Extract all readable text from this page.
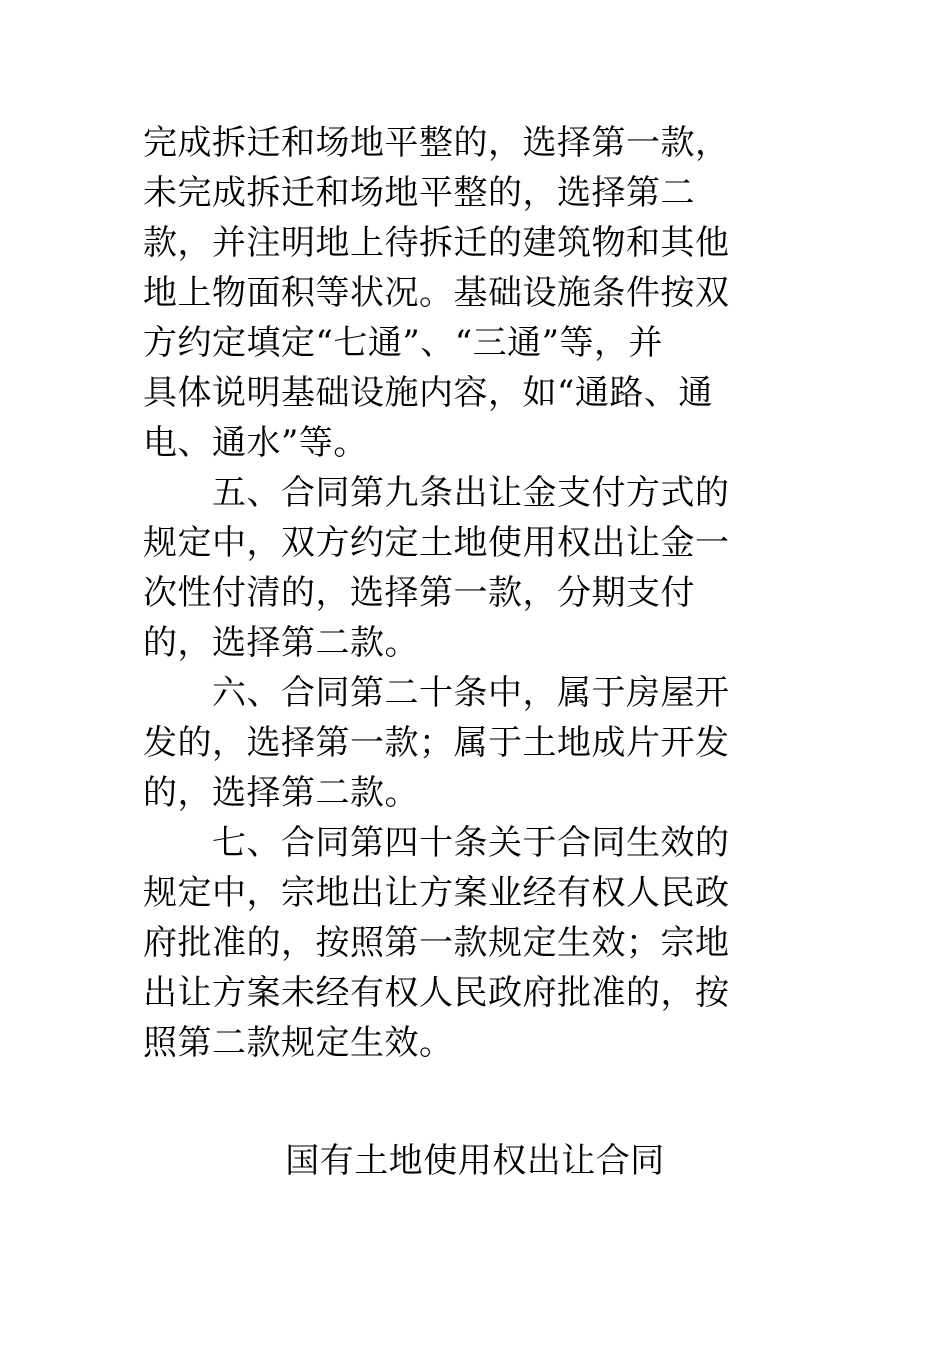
完成拆迁和场地平整的，选择第一款，
未完成拆迁和场地平整的，选择第二
款，并注明地上待拆迁的建筑物和其他
地上物面积等状况。基础设施条件按双
方约定填定“七通”、“三通”等，并
具体说明基础设施内容，如“通路、通
电、通水”等。
　　五、合同第九条出让金支付方式的
规定中，双方约定土地使用权出让金一
次性付清的，选择第一款，分期支付
的，选择第二款。
　　六、合同第二十条中，属于房屋开
发的，选择第一款；属于土地成片开发
的，选择第二款。
　　七、合同第四十条关于合同生效的
规定中，宗地出让方案业经有权人民政
府批准的，按照第一款规定生效；宗地
出让方案未经有权人民政府批准的，按
照第二款规定生效。
国有土地使用权出让合同
